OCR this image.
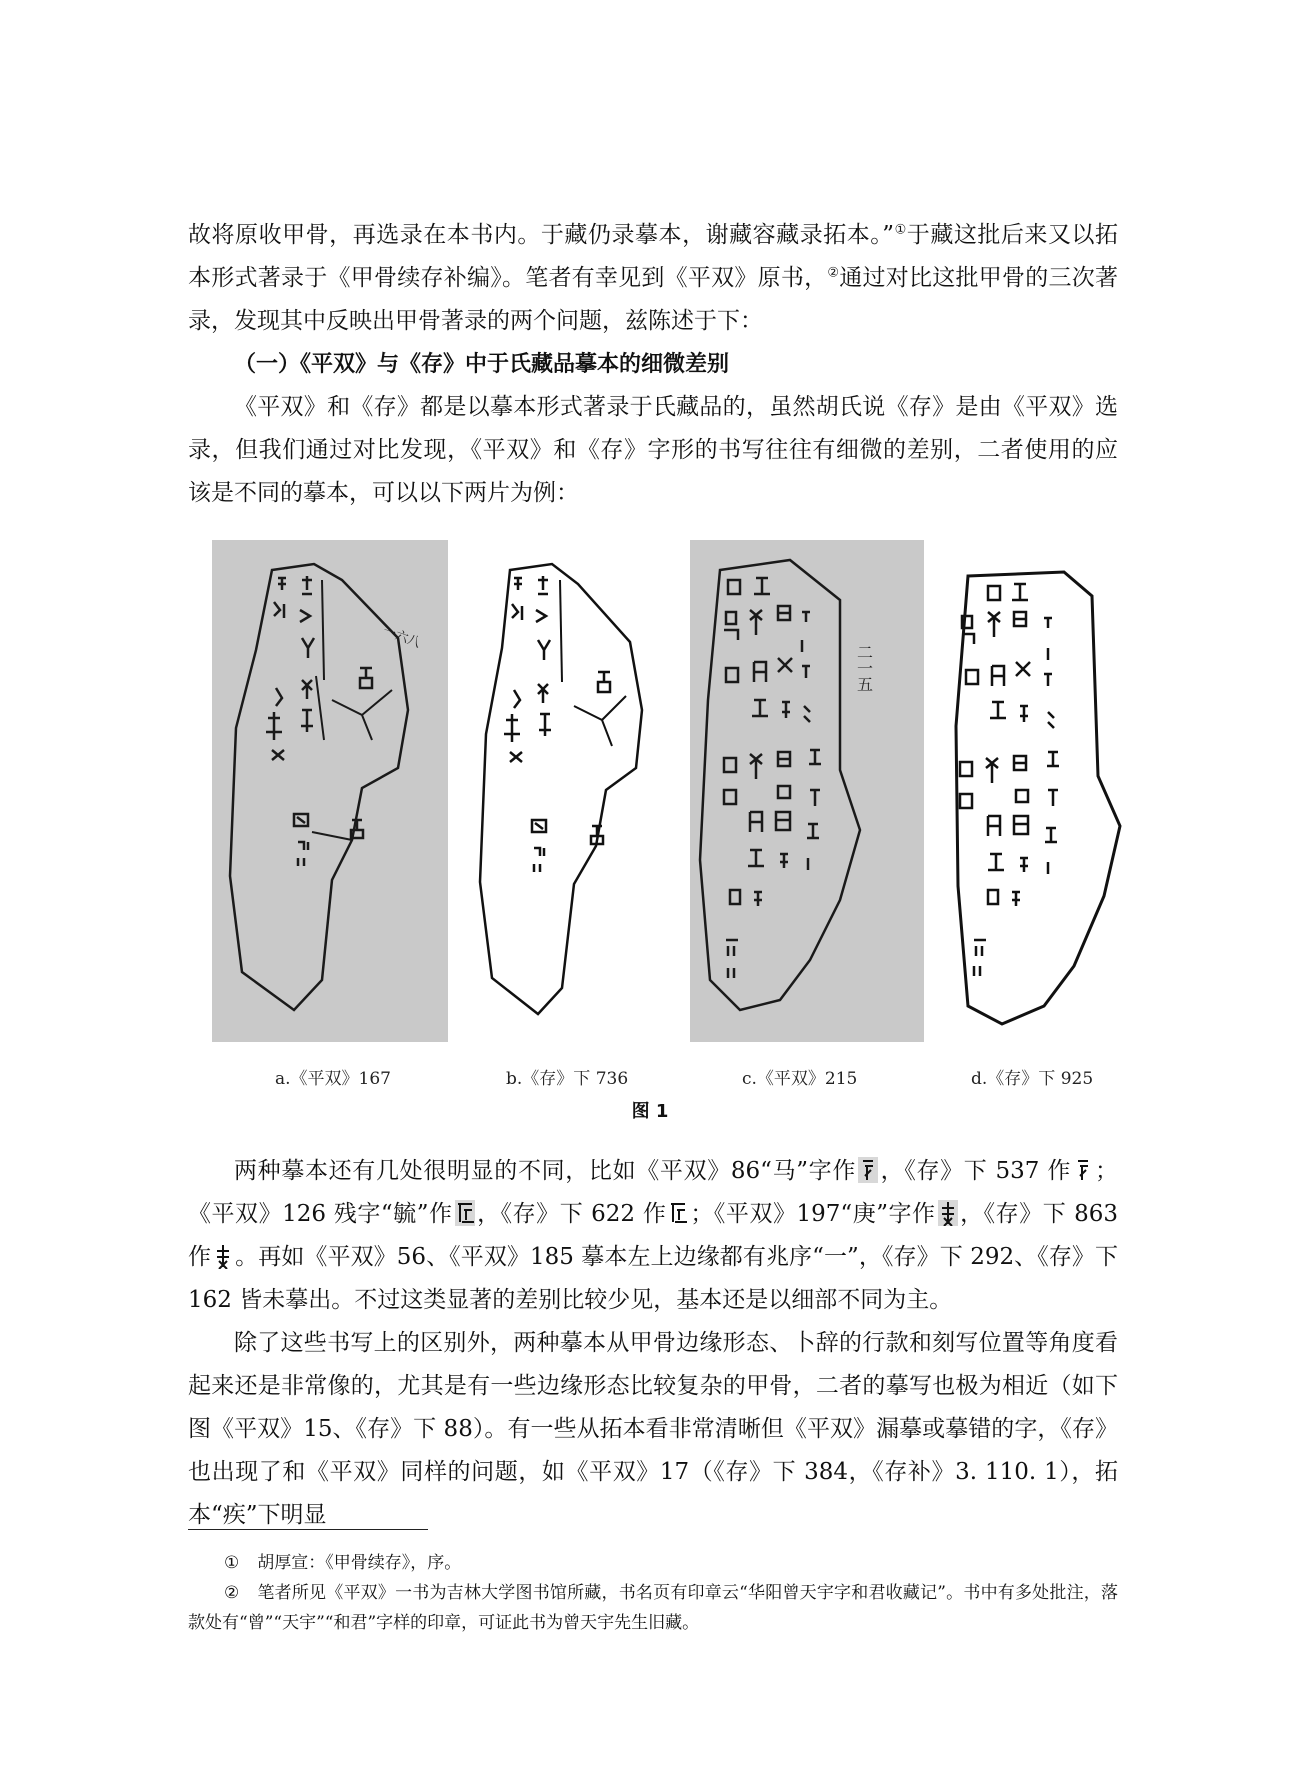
故将原收甲骨，再选录在本书内。于藏仍录摹本，谢藏容藏录拓本。”①于藏这批后来又以拓本形式著录于《甲骨续存补编》。笔者有幸见到《平双》原书，②通过对比这批甲骨的三次著录，发现其中反映出甲骨著录的两个问题，兹陈述于下：

（一）《平双》与《存》中于氏藏品摹本的细微差别

《平双》和《存》都是以摹本形式著录于氏藏品的，虽然胡氏说《存》是由《平双》选录，但我们通过对比发现，《平双》和《存》字形的书写往往有细微的差别，二者使用的应该是不同的摹本，可以以下两片为例：

一六八
二一五
a.《平双》167	b.《存》下 736	c.《平双》215	d.《存》下 925
图 1

两种摹本还有几处很明显的不同，比如《平双》86“马”字作 ，《存》下 537 作 ；《平双》126 残字“毓”作 ，《存》下 622 作 ；《平双》197“庚”字作 ，《存》下 863 作 。再如《平双》56、《平双》185 摹本左上边缘都有兆序“一”，《存》下 292、《存》下 162 皆未摹出。不过这类显著的差别比较少见，基本还是以细部不同为主。

除了这些书写上的区别外，两种摹本从甲骨边缘形态、卜辞的行款和刻写位置等角度看起来还是非常像的，尤其是有一些边缘形态比较复杂的甲骨，二者的摹写也极为相近（如下图《平双》15、《存》下 88）。有一些从拓本看非常清晰但《平双》漏摹或摹错的字，《存》也出现了和《平双》同样的问题，如《平双》17（《存》下 384，《存补》3. 110. 1），拓本“疾”下明显

① 胡厚宣：《甲骨续存》，序。

② 笔者所见《平双》一书为吉林大学图书馆所藏，书名页有印章云“华阳曾天宇字和君收藏记”。书中有多处批注，落款处有“曾”“天宇”“和君”字样的印章，可证此书为曾天宇先生旧藏。
